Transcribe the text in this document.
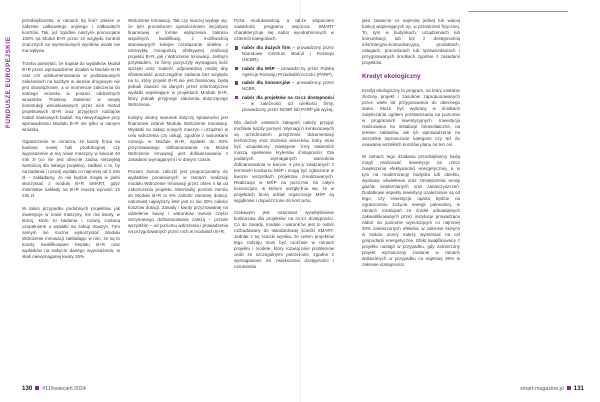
FUNDUSZE EUROPEJSKIE

przedsiębiorstw, w ramach tej linii? Zakres w zakresie całkowitego unijnego i całkowitych kosztów. Tak, już zgodnie naszymi promocjami 100% na Moduł B+R przez ze względu kontroli znacznych na wymienionych wyników wcale nie ma wpływu.

Trzeba pamiętać, że kapitał do wydatków Moduł B+R przez wprowadzenie działań w Module B+R oraz ich udokumentowaniu w podstawowych założeniach na każdym w okresie drogowym nie jest obowiązkowe, a w momencie zaliczenia do samego wniosku w postaci oddzielnych wniosków. Powinny zawierać w swojej konstrukcji wnioskowanych przez nich metod projektowych B+R oraz przyjętych rodzajów zadań naukowych badań. Są niewymagane przy wprowadzeniu Modułu B+R nie tylko w samym wniosku.

Ograniczenie to oznacza, że każdy firma na budowę nowej hali produkcyjnej czy wyposażenie w nią nowe maszyny w kwocie 40 mln zł (co nie jest obecnie zadną niezwykłą wartością dla takiego projektu), zadbać o to, by na badania i rozwój wydała co najmniej od 2 mln zł – zakładamy, że nie będzie mogła w pełni skorzystać z modułu B+R SMART, gdyż minimalne nakłady na B+R muszą wynosić 10 mln zł.

W takim przypadku podobnych projektów, jak inwestycje w nowe maszyny, nie ma kwoty, w której, które to badania i rozwój zostaną uzupełnione o wydatki na zakup maszyn. Tym samym nie można wykorzystać Modułu Wdrożenie Innowacji zakładając w nim, że są to koszty kwalifikowane Modułu B+R oraz wydatków na nabycie danego wyposażenia, w skali niewymaganej kwoty 25%.

Wdrożenie Innowacji. Tak czy inaczej wydaje się, że tym procedurom ograniczeniem inicjatywy finansowej w formie wyłączenia zakresu wspólnych kwalifikacji, z możliwością stanowiących kolejne rozwiązanie obiektu z niezwykłą mnogością efektywnej realizacji projektu B+R, jak i Wdrożenie Innowacji. Jednym przykładem, że firmy pożyczyły wymaganą ilość sprzętu oraz znaleźć odpowiednią osobę aby sfinansować poszczególne zadania bez względu na to, który projekt B+R nie jest finansowy, będą jednak zawsze na danych przez informatyczne wydatki wspierające w projektach Modułu B+R, który jednak przyjmuje założenia dotyczącego Wdrożenia.

Kolejny istotny warunek dotyczy sprawności jest finansowe zdanie Modułu Wdrożenie Innowacji. Wydatki na zakup nowych maszyn i urządzeń w celu wdrożenia czy usługi, zgodnie z warunkami rozwoju w Module B+R, wydatki do 50% przyznawanego dofinansowania na Moduł Wdrożenie Innowacji jest dofinansowania z zasadami wymaganymi i w danym czasie.

Poziom zwrotu zaliczki jest proporcjonalny do wydatków poniesionych w ramach realizacji modułu Wdrożenie Innowacji przez okres 4 lat od zakończenia projektu. Minimalny poziom zwrotu do Modułu B+R to 5% zaliczki zwrotnej dotacji, natomiast najwyższy limit jest to nie 30% całości kosztów dotacji. Zasady i kwoty przyznawanej na udzielenie kwoty i warunków zwrotu części otrzymanego dofinansowania zależą – przede wszystkim – od poziomu wdrożenia i prowadzenia na przygotowanych przez nich w modułach B+R.

Poza modułowością, a także wsparciem zawartości programu wsparcia SMART charakteryzuje się nabór wyodrębnionych w czterech kategoriach:

nabór dla dużych firm – prowadzony przez Narodowe Centrum Badań i Rozwoju (NCBR),
nabór dla MŚP – prowadzony przez Polską Agencję Rozwoju Przedsiębiorczości (PARP),
nabór dla konsorcjów – prowadzony przez NCBR,
nabór dla projektów na rzecz dostępności – w zależności od wielkości firmy, prowadzony przez NCBR lub PARP jak wyżej.

Dla dwóch ostatnich kategorii należy przyjąć możliwie każdy pomysł. Wymagań konkursowych są przedmiotem przejrzenia dokumentacji technicznej oraz złożenia wniosków, który musi być uzupełniony: Następnie firmy stwierdzić muszą spełnienie kryteriów dostępności. Dla podanych wymaganych warunków dofinansowania w kwocie 4 pracy związanych z terminem konkursu MŚP i mogą być zgłoszone w kwocie wszystkich projektów zrealizowanych. Realizacja w MŚP na poziomie na całym konsorcjum, w którym uwzględnia się, że w projektach biorą udział organizacje MŚP są wyjątkowe i dopuszczone do konkursu.

Ciekawym jest natomiast wyodrębnienie konkursów dla projektów na rzecz dostępności. Co do zasady, modele i warunków jest to nabór rozbudowany do standardowej ścieżki SMART. Jednak z tej ścieżki wynika, że celem projektów tego rodzaju musi być możliwie w ramach projektu i modele, który rozwiązanie problemów osób ze szczególnymi potrzebami, zgodne z wymaganiami do zwiększenia dostępności i rozumienia

jako zawarcie co najmniej jednej lub więcej funkcji wspierających np. w przestrzeni fizycznej. To, tym w budynkach, urządzeniach lub komunikacji, lub też z dostępnością informacyjno-komunikacyjną, produktach, usługach, procedurach lub sprawozdaniach i przygotowanych środkach zgodnie z zasadami projektów.

Kredyt ekologiczny

Kredyt ekologiczny to program, na który zostanie złożony projekt i zasobów zaproponowanych przez wiele lat przygotowania do obecnego stanu. Może być wybrany w środkach zwiększania ogółem przetwarzania na poziomie w programach inwestycyjnych. Inwestycja realizowana na instalacje fotowoltaiczne, na terenie zakładów, ale ich wprowadzenie na wszystkie wyznaczone kategorie czy też do usuwania wszelkich kosztów planu na ten cel.

W ramach tego działania przedsiębiorcy będą mogli realizować inwestycje na rzecz zwiększenia efektywności energetycznej, a w tym na modernizację budynku lub obiektu, wymianę oświetlenia oraz zmniejszenia emisji gazów cieplarnianych oraz zanieczyszczeń. Dodatkowe aspekty inwestycji uzależnione są od tego, czy inwestycja oparta będzie na ograniczeniu zużycia energii pierwotnej, w ramach rozwiązań ze źródeł odnawialnych zakwalifikowanych przez instytucje prowadzące nabór na poziomie wynoszącym co najmniej 30% zamierzonych efektów, w zakresie których w trakcie oceny należy wymieniać na cel gospodarki energetyczne. Efekt kwalifikowany z projektu nastąpi w przypadku, gdy zamierzony projekt wyznaczony zostanie w ramach wskazanych w przypadku co najmniej 30% w zakresie dostępności.

130 #11/kwiecień 2024	smart-magazine.pl 131
